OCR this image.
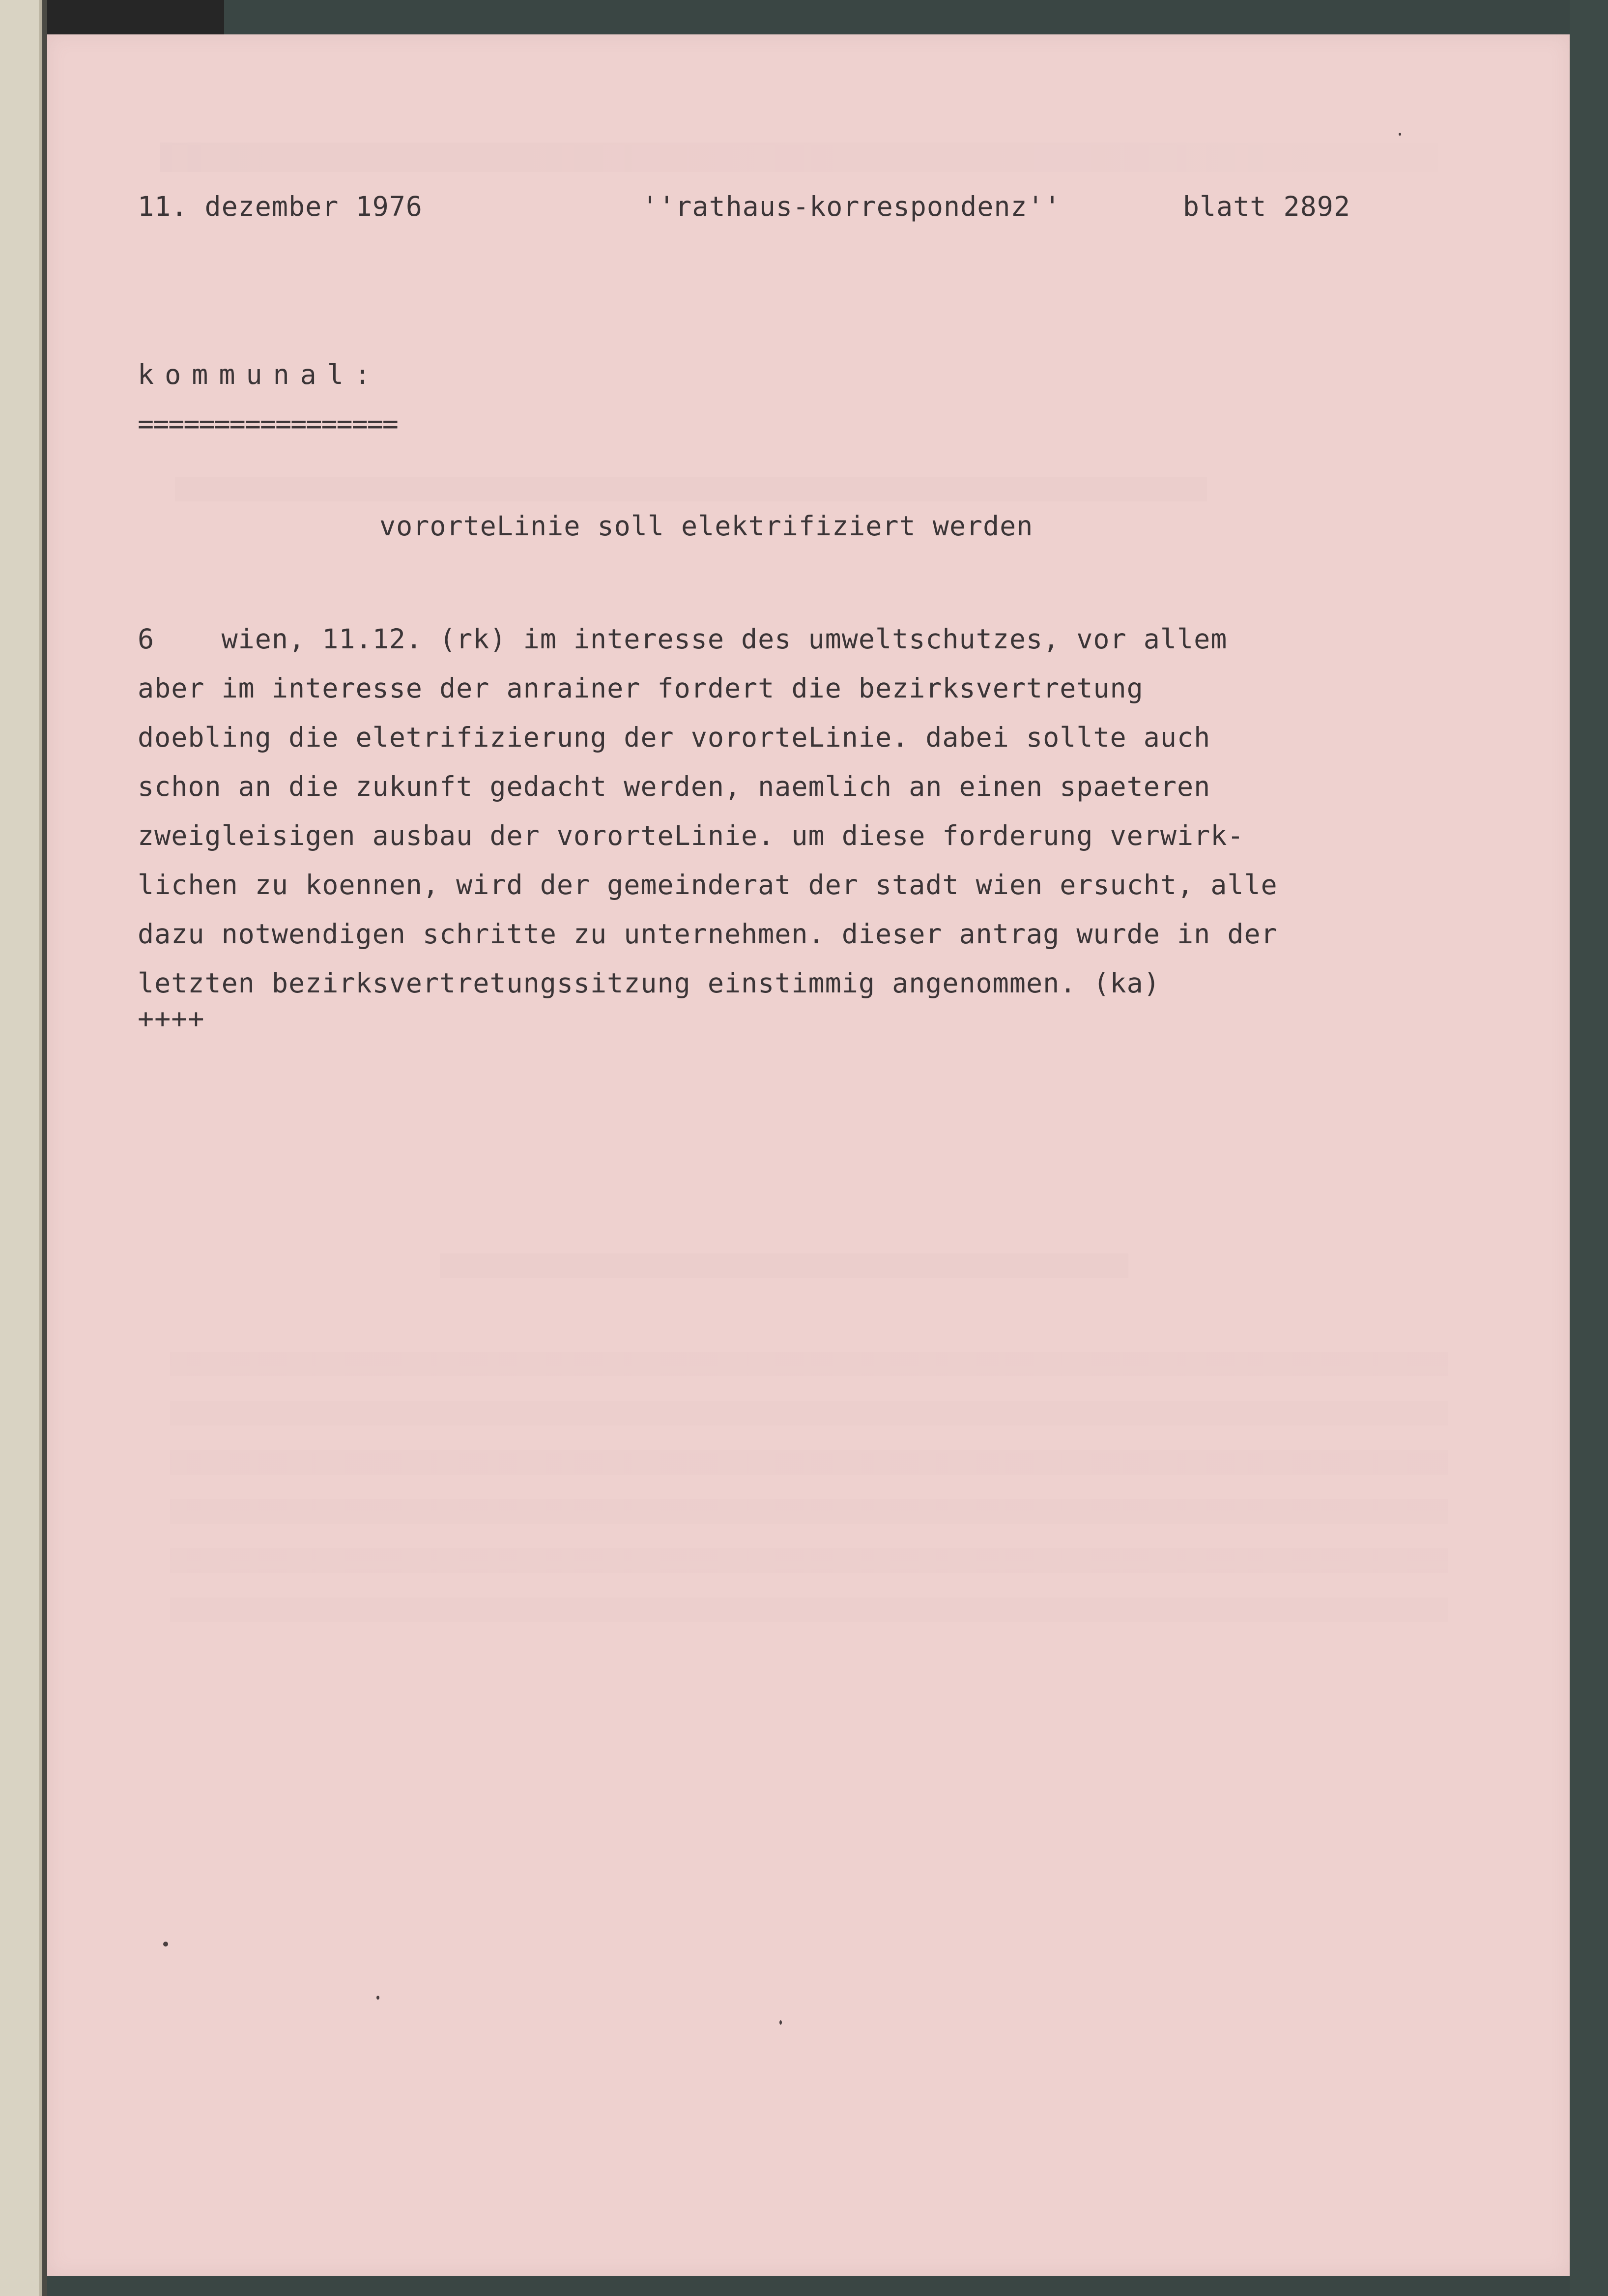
11. dezember 1976	''rathaus-korrespondenz''	blatt 2892
kommunal:
=================
vororteLinie soll elektrifiziert werden
6    wien, 11.12. (rk) im interesse des umweltschutzes, vor allem
aber im interesse der anrainer fordert die bezirksvertretung
doebling die eletrifizierung der vororteLinie. dabei sollte auch
schon an die zukunft gedacht werden, naemlich an einen spaeteren
zweigleisigen ausbau der vororteLinie. um diese forderung verwirk-
lichen zu koennen, wird der gemeinderat der stadt wien ersucht, alle
dazu notwendigen schritte zu unternehmen. dieser antrag wurde in der
letzten bezirksvertretungssitzung einstimmig angenommen. (ka)
++++
